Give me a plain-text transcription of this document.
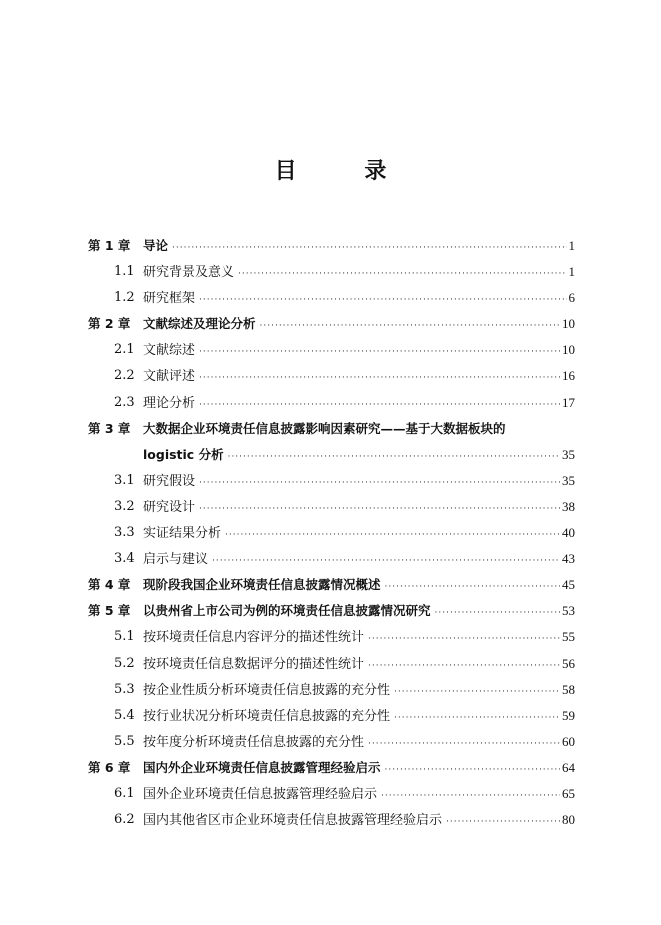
目 录
第 1 章 导论 ·····	1
1.1 研究背景及意义 ·····	1
1.2 研究框架 ·····	6
第 2 章 文献综述及理论分析 ·····	10
2.1 文献综述 ·····	10
2.2 文献评述 ·····	16
2.3 理论分析 ·····	17
第 3 章 大数据企业环境责任信息披露影响因素研究——基于大数据板块的
logistic 分析 ·····	35
3.1 研究假设 ·····	35
3.2 研究设计 ·····	38
3.3 实证结果分析 ·····	40
3.4 启示与建议 ·····	43
第 4 章 现阶段我国企业环境责任信息披露情况概述 ·····	45
第 5 章 以贵州省上市公司为例的环境责任信息披露情况研究 ·····	53
5.1 按环境责任信息内容评分的描述性统计 ·····	55
5.2 按环境责任信息数据评分的描述性统计 ·····	56
5.3 按企业性质分析环境责任信息披露的充分性 ·····	58
5.4 按行业状况分析环境责任信息披露的充分性 ·····	59
5.5 按年度分析环境责任信息披露的充分性 ·····	60
第 6 章 国内外企业环境责任信息披露管理经验启示 ·····	64
6.1 国外企业环境责任信息披露管理经验启示 ·····	65
6.2 国内其他省区市企业环境责任信息披露管理经验启示 ·····	80
